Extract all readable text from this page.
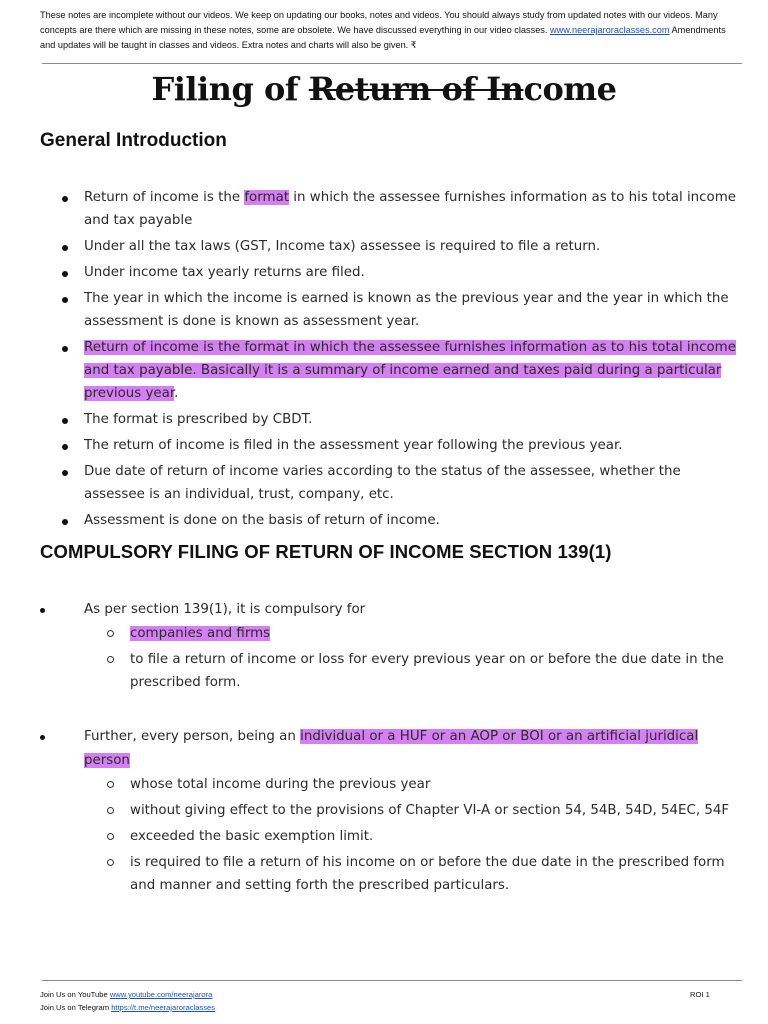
These notes are incomplete without our videos. We keep on updating our books, notes and videos. You should always study from updated notes with our videos. Many concepts are there which are missing in these notes, some are obsolete. We have discussed everything in our video classes. www.neerajaroraclasses.com Amendments and updates will be taught in classes and videos. Extra notes and charts will also be given. ₹
Filing of Return of Income
General Introduction
Return of income is the format in which the assessee furnishes information as to his total income and tax payable
Under all the tax laws (GST, Income tax) assessee is required to file a return.
Under income tax yearly returns are filed.
The year in which the income is earned is known as the previous year and the year in which the assessment is done is known as assessment year.
Return of income is the format in which the assessee furnishes information as to his total income and tax payable. Basically it is a summary of income earned and taxes paid during a particular previous year.
The format is prescribed by CBDT.
The return of income is filed in the assessment year following the previous year.
Due date of return of income varies according to the status of the assessee, whether the assessee is an individual, trust, company, etc.
Assessment is done on the basis of return of income.
COMPULSORY FILING OF RETURN OF INCOME SECTION 139(1)
As per section 139(1), it is compulsory for
companies and firms
to file a return of income or loss for every previous year on or before the due date in the prescribed form.
Further, every person, being an individual or a HUF or an AOP or BOI or an artificial juridical person
whose total income during the previous year
without giving effect to the provisions of Chapter VI-A or section 54, 54B, 54D, 54EC, 54F
exceeded the basic exemption limit.
is required to file a return of his income on or before the due date in the prescribed form and manner and setting forth the prescribed particulars.
Join Us on YouTube www.youtube.com/neerajarora
Join Us on Telegram https://t.me/neerajaroraclasses
ROI 1
